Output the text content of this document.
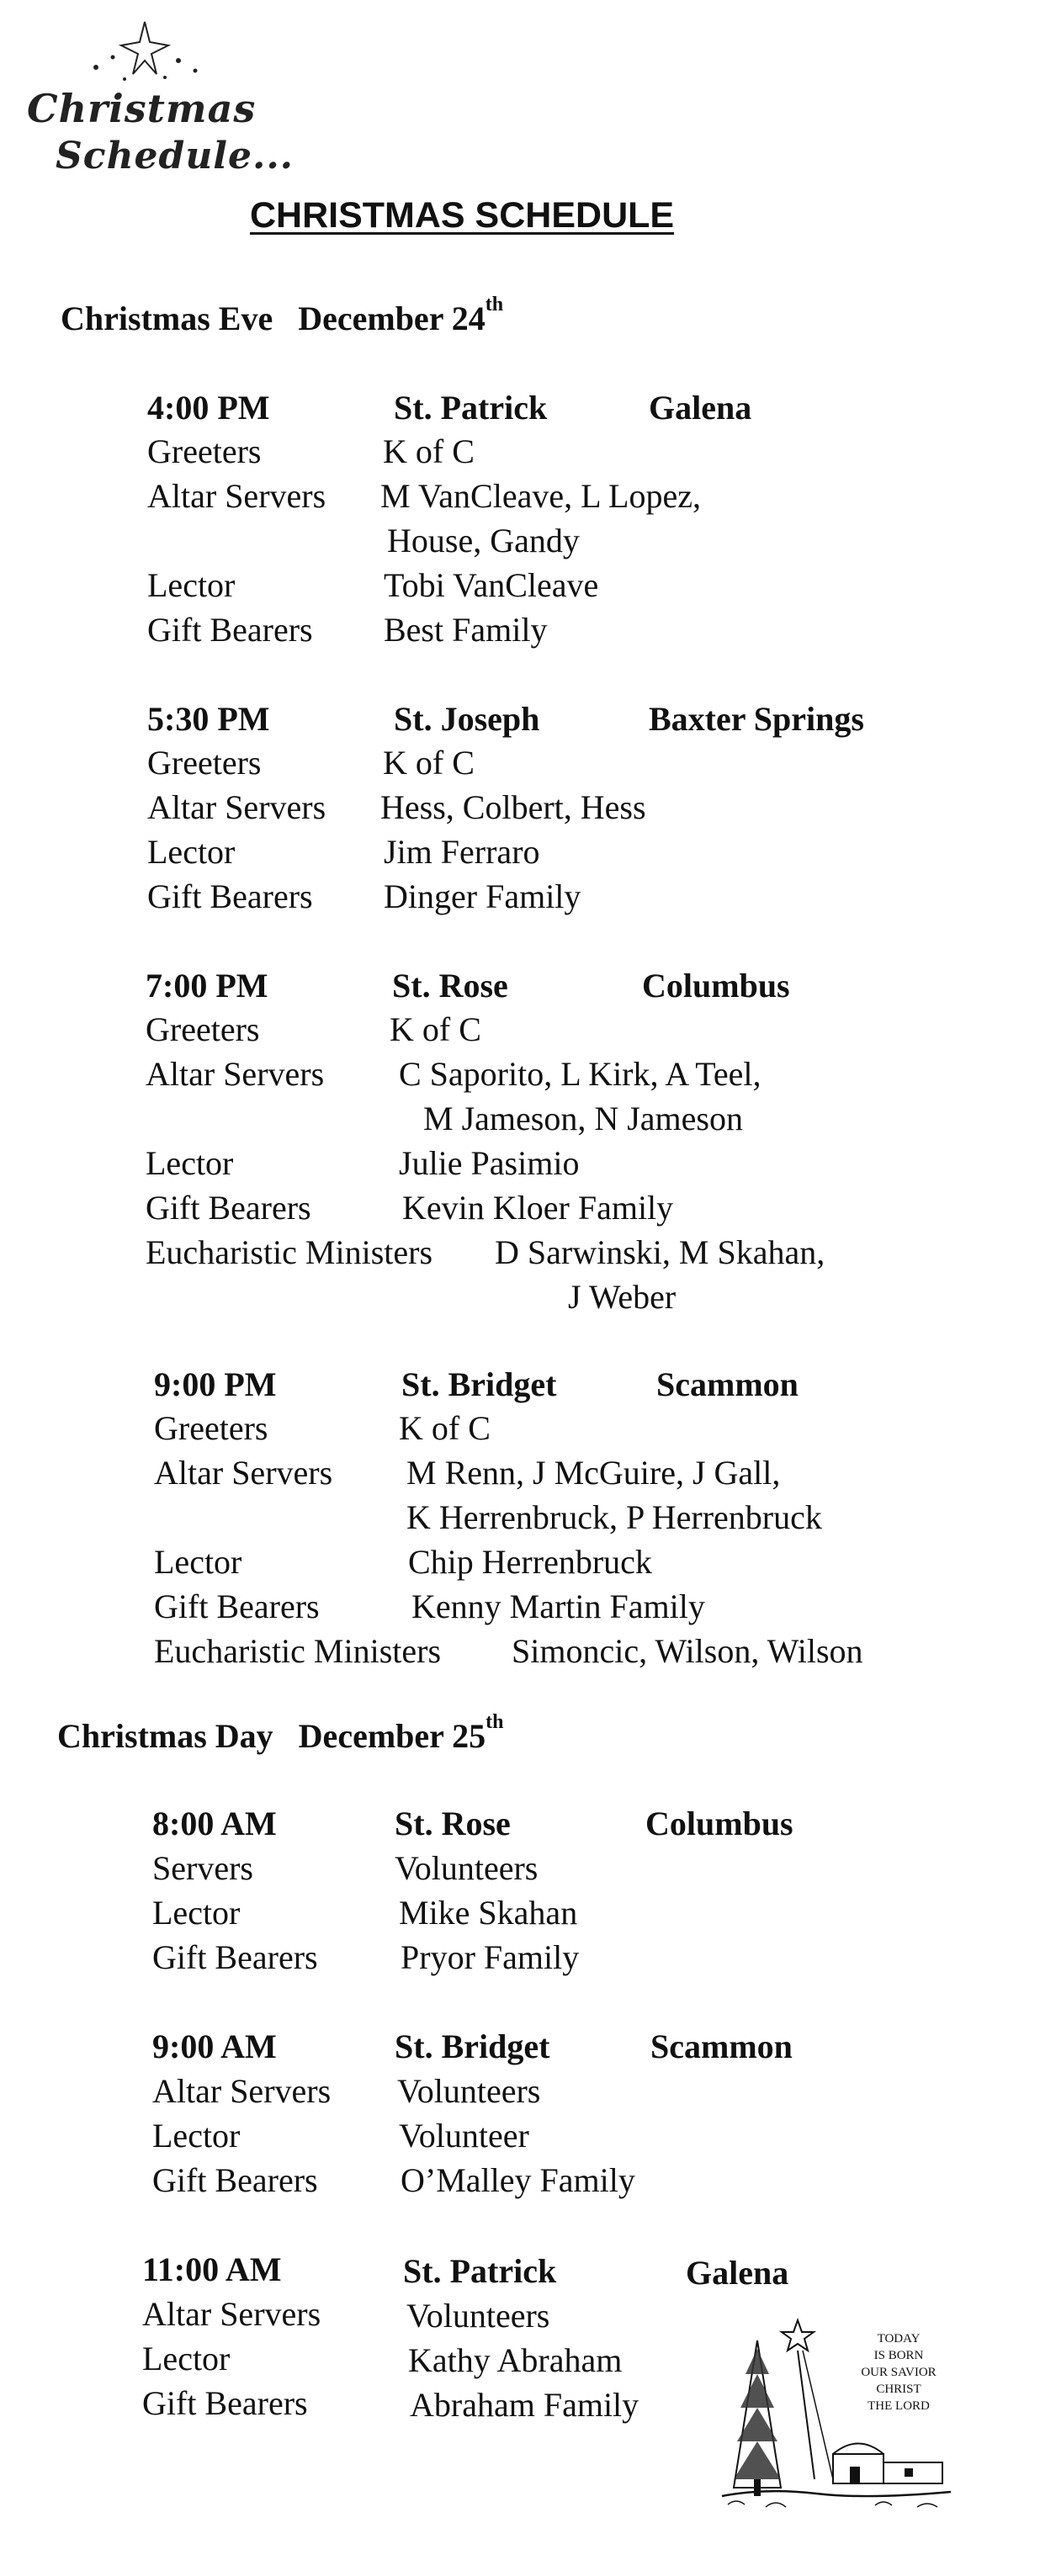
Christmas
Schedule...
CHRISTMAS SCHEDULE
Christmas Eve December 24th
4:00 PM	St. Patrick	Galena
Greeters	K of C
Altar Servers M VanCleave, L Lopez,
House, Gandy
Lector	Tobi VanCleave
Gift Bearers Best Family
5:30 PM	St. Joseph	Baxter Springs
Greeters	K of C
Altar Servers Hess, Colbert, Hess
Lector	Jim Ferraro
Gift Bearers Dinger Family
7:00 PM	St. Rose	Columbus
Greeters	K of C
Altar Servers C Saporito, L Kirk, A Teel,
M Jameson, N Jameson
Lector	Julie Pasimio
Gift Bearers	Kevin Kloer Family
Eucharistic Ministers D Sarwinski, M Skahan,
J Weber
9:00 PM	St. Bridget	Scammon
Greeters	K of C
Altar Servers M Renn, J McGuire, J Gall,
K Herrenbruck, P Herrenbruck
Lector	Chip Herrenbruck
Gift Bearers	Kenny Martin Family
Eucharistic Ministers Simoncic, Wilson, Wilson
Christmas Day December 25th
8:00 AM	St. Rose	Columbus
Servers	Volunteers
Lector	Mike Skahan
Gift Bearers Pryor Family
9:00 AM	St. Bridget	Scammon
Altar Servers Volunteers
Lector	Volunteer
Gift Bearers O’Malley Family
11:00 AM	St. Patrick	Galena
Altar Servers	Volunteers
Lector	Kathy Abraham
Gift Bearers	Abraham Family
TODAY
IS BORN
OUR SAVIOR
CHRIST
THE LORD
